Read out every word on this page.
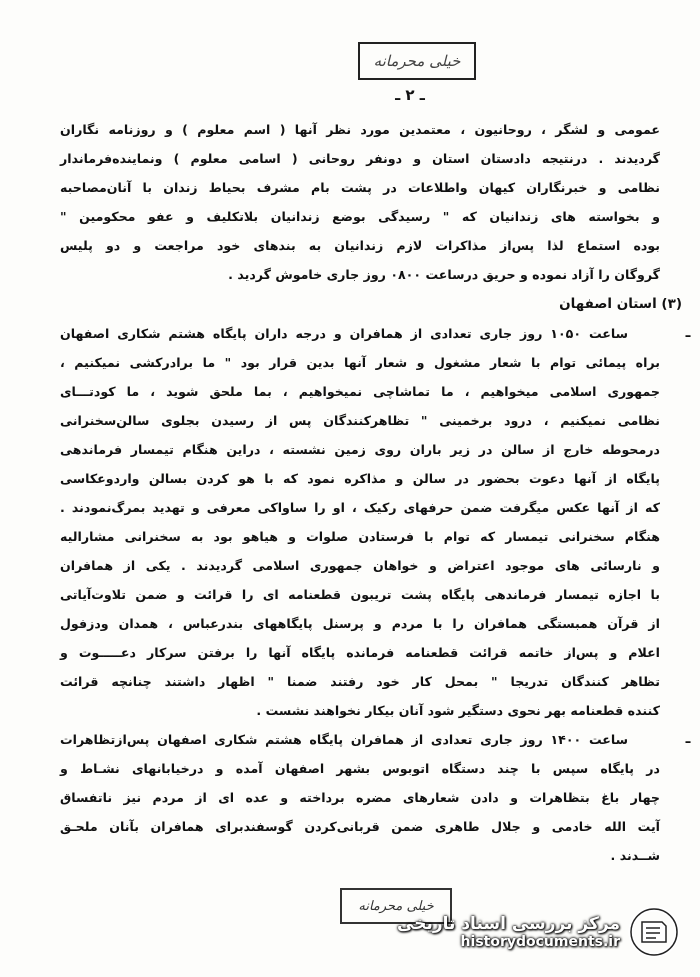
خیلی محرمانه
ـ ۲ ـ
عمومی و لشگر ، روحانیون ، معتمدین مورد نظر آنها ( اسم معلوم ) و روزنامه نگاران
گردیدند . درنتیجه دادستان استان و دونفر روحانی ( اسامی معلوم ) ونماینده‌فرماندار
نظامی و خبرنگاران کیهان واطلاعات در پشت بام مشرف بحیاط زندان با آنان‌مصاحبه
و بخواسته های زندانیان که " رسیدگی بوضع زندانیان بلاتکلیف و عفو محکومین "
بوده استماع لذا پس‌از مذاکرات لازم زندانیان به بندهای خود مراجعت و دو پلیس
گروگان را آزاد نموده و حریق درساعت ۰۸۰۰ روز جاری خاموش گردید .
(۳) استان اصفهان
ـ
ساعت ۱۰۵۰ روز جاری تعدادی از همافران و درجه داران پایگاه هشتم شکاری اصفهان
براه پیمائی توام با شعار مشغول و شعار آنها بدین قرار بود " ما برادرکشی نمیکنیم ،
جمهوری اسلامی میخواهیم ، ما تماشاچی نمیخواهیم ، بما ملحق شوید ، ما کودتـــای
نظامی نمیکنیم ، درود برخمینی " تظاهرکنندگان پس از رسیدن بجلوی سالن‌سخنرانی
درمحوطه خارج از سالن در زیر باران روی زمین نشسته ، دراین هنگام تیمسار فرماندهی
پایگاه از آنها دعوت بحضور در سالن و مذاکره نمود که با هو کردن بسالن واردوعکاسی
که از آنها عکس میگرفت ضمن حرفهای رکیک ، او را ساواکی معرفی و تهدید بمرگ‌نمودند .
هنگام سخنرانی تیمسار که توام با فرستادن صلوات و هیاهو بود به سخنرانی مشارالیه
و نارسائی های موجود اعتراض و خواهان جمهوری اسلامی گردیدند . یکی از همافران
با اجازه تیمسار فرماندهی پایگاه پشت تریبون قطعنامه ای را قرائت و ضمن تلاوت‌آیاتی
از قرآن همبستگی همافران را با مردم و پرسنل پایگاههای بندرعباس ، همدان ودزفول
اعلام و پس‌از خاتمه قرائت قطعنامه فرمانده پایگاه آنها را برفتن سرکار دعـــــوت و
تظاهر کنندگان تدریجا " بمحل کار خود رفتند ضمنا " اظهار داشتند چنانچه قرائت
کننده قطعنامه بهر نحوی دستگیر شود آنان بیکار نخواهند نشست .
ـ
ساعت ۱۴۰۰ روز جاری تعدادی از همافران پایگاه هشتم شکاری اصفهان پس‌از‌تظاهرات
در پایگاه سپس با چند دستگاه اتوبوس بشهر اصفهان آمده و درخیابانهای نشـاط و
چهار باغ بتظاهرات و دادن شعارهای مضره برداخته و عده ای از مردم نیز نا‌تفساق
آیت الله خادمی و جلال طاهری ضمن قربانی‌کردن گوسفندبرای همافران بآنان ملحـق
شــدند .
خیلی محرمانه
مرکز بررسی اسناد تاریخی
historydocuments.ir
